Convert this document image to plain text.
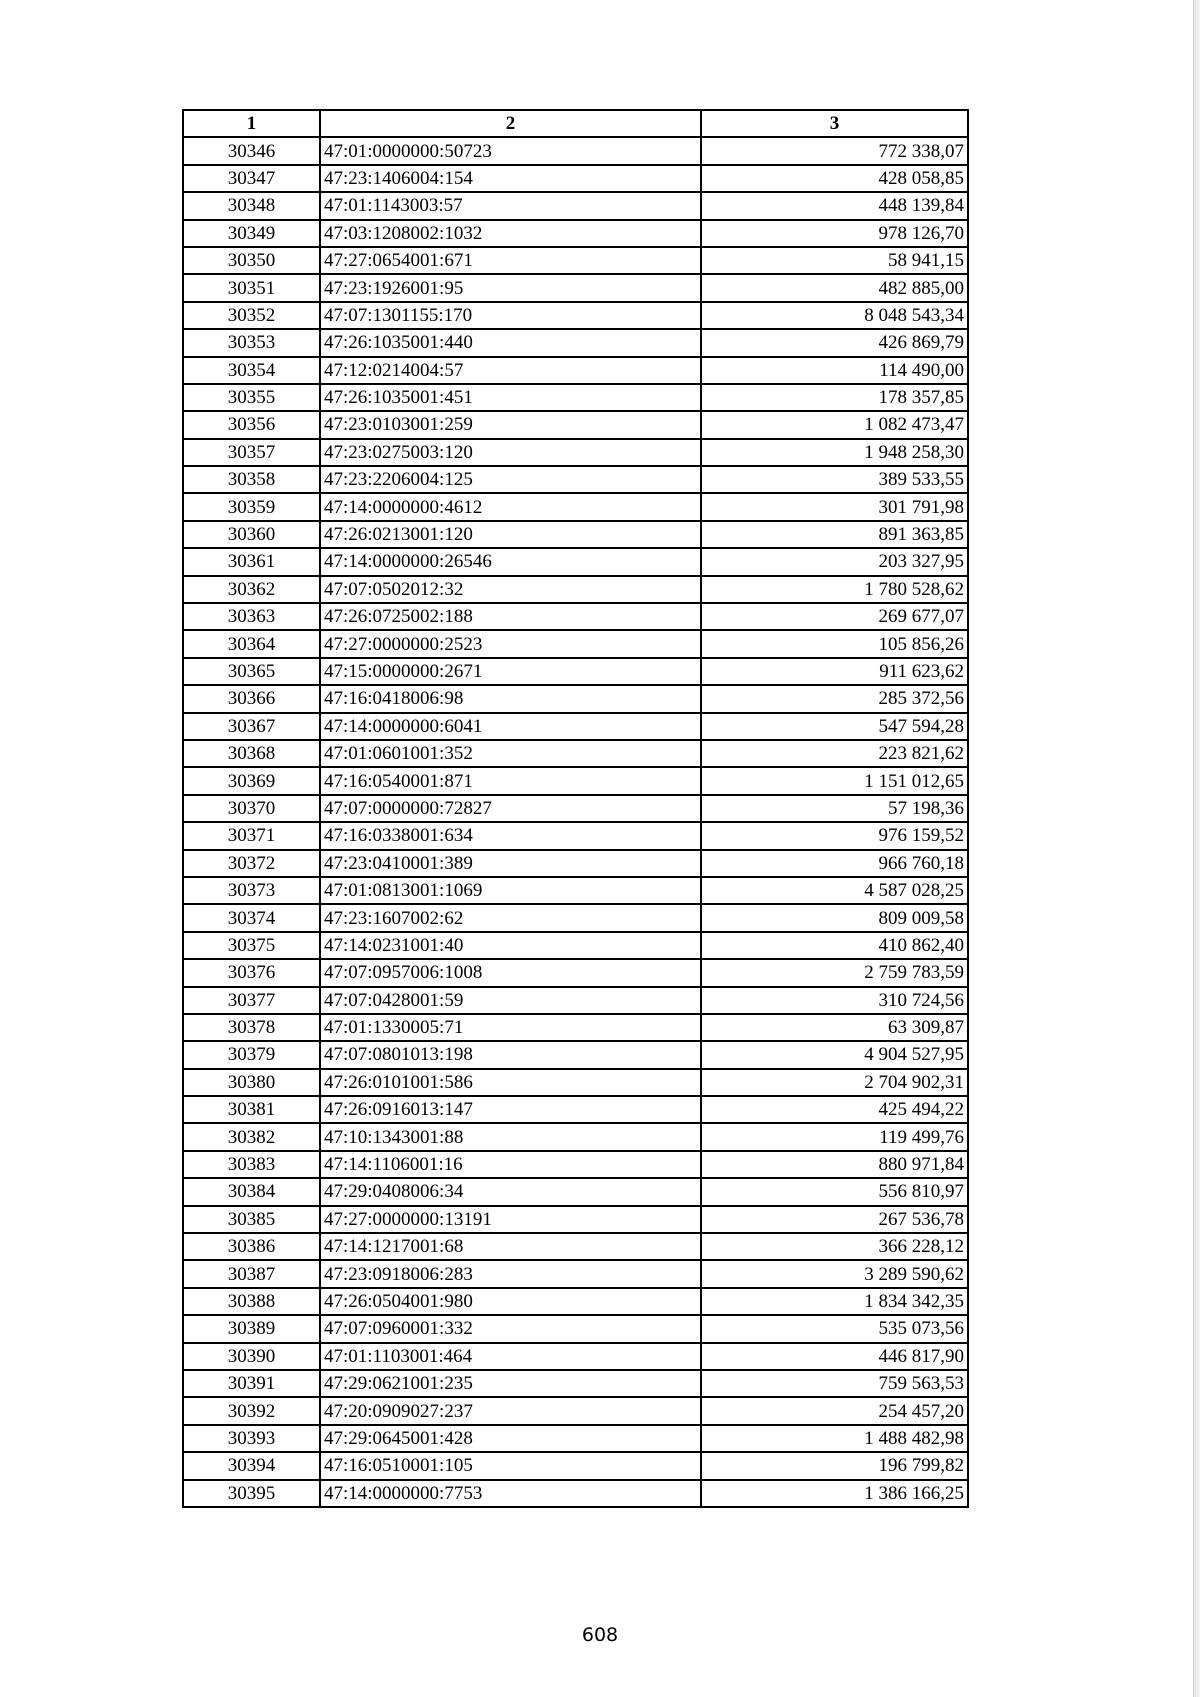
1	2	3
30346	47:01:0000000:50723	772 338,07
30347	47:23:1406004:154	428 058,85
30348	47:01:1143003:57	448 139,84
30349	47:03:1208002:1032	978 126,70
30350	47:27:0654001:671	58 941,15
30351	47:23:1926001:95	482 885,00
30352	47:07:1301155:170	8 048 543,34
30353	47:26:1035001:440	426 869,79
30354	47:12:0214004:57	114 490,00
30355	47:26:1035001:451	178 357,85
30356	47:23:0103001:259	1 082 473,47
30357	47:23:0275003:120	1 948 258,30
30358	47:23:2206004:125	389 533,55
30359	47:14:0000000:4612	301 791,98
30360	47:26:0213001:120	891 363,85
30361	47:14:0000000:26546	203 327,95
30362	47:07:0502012:32	1 780 528,62
30363	47:26:0725002:188	269 677,07
30364	47:27:0000000:2523	105 856,26
30365	47:15:0000000:2671	911 623,62
30366	47:16:0418006:98	285 372,56
30367	47:14:0000000:6041	547 594,28
30368	47:01:0601001:352	223 821,62
30369	47:16:0540001:871	1 151 012,65
30370	47:07:0000000:72827	57 198,36
30371	47:16:0338001:634	976 159,52
30372	47:23:0410001:389	966 760,18
30373	47:01:0813001:1069	4 587 028,25
30374	47:23:1607002:62	809 009,58
30375	47:14:0231001:40	410 862,40
30376	47:07:0957006:1008	2 759 783,59
30377	47:07:0428001:59	310 724,56
30378	47:01:1330005:71	63 309,87
30379	47:07:0801013:198	4 904 527,95
30380	47:26:0101001:586	2 704 902,31
30381	47:26:0916013:147	425 494,22
30382	47:10:1343001:88	119 499,76
30383	47:14:1106001:16	880 971,84
30384	47:29:0408006:34	556 810,97
30385	47:27:0000000:13191	267 536,78
30386	47:14:1217001:68	366 228,12
30387	47:23:0918006:283	3 289 590,62
30388	47:26:0504001:980	1 834 342,35
30389	47:07:0960001:332	535 073,56
30390	47:01:1103001:464	446 817,90
30391	47:29:0621001:235	759 563,53
30392	47:20:0909027:237	254 457,20
30393	47:29:0645001:428	1 488 482,98
30394	47:16:0510001:105	196 799,82
30395	47:14:0000000:7753	1 386 166,25
608
